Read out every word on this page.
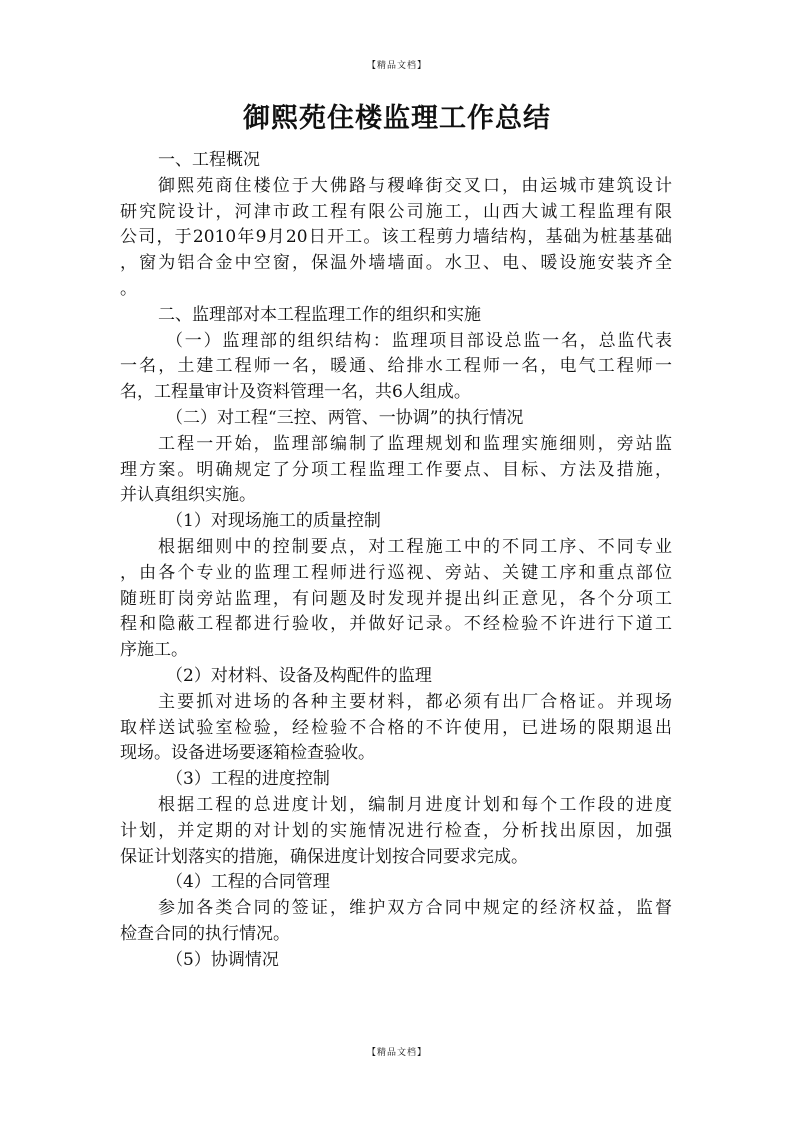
【精品文档】
御熙苑住楼监理工作总结
一、工程概况
御熙苑商住楼位于大佛路与稷峰街交叉口，由运城市建筑设计
研究院设计，河津市政工程有限公司施工，山西大诚工程监理有限
公司，于2010年9月20日开工。该工程剪力墙结构，基础为桩基基础
，窗为铝合金中空窗，保温外墙墙面。水卫、电、暖设施安装齐全
。
二、监理部对本工程监理工作的组织和实施
（一）监理部的组织结构：监理项目部设总监一名，总监代表
一名，土建工程师一名，暖通、给排水工程师一名，电气工程师一
名，工程量审计及资料管理一名，共6人组成。
（二）对工程“三控、两管、一协调”的执行情况
工程一开始，监理部编制了监理规划和监理实施细则，旁站监
理方案。明确规定了分项工程监理工作要点、目标、方法及措施，
并认真组织实施。
（1）对现场施工的质量控制
根据细则中的控制要点，对工程施工中的不同工序、不同专业
，由各个专业的监理工程师进行巡视、旁站、关键工序和重点部位
随班盯岗旁站监理，有问题及时发现并提出纠正意见，各个分项工
程和隐蔽工程都进行验收，并做好记录。不经检验不许进行下道工
序施工。
（2）对材料、设备及构配件的监理
主要抓对进场的各种主要材料，都必须有出厂合格证。并现场
取样送试验室检验，经检验不合格的不许使用，已进场的限期退出
现场。设备进场要逐箱检查验收。
（3）工程的进度控制
根据工程的总进度计划，编制月进度计划和每个工作段的进度
计划，并定期的对计划的实施情况进行检查，分析找出原因，加强
保证计划落实的措施，确保进度计划按合同要求完成。
（4）工程的合同管理
参加各类合同的签证，维护双方合同中规定的经济权益，监督
检查合同的执行情况。
（5）协调情况
【精品文档】
